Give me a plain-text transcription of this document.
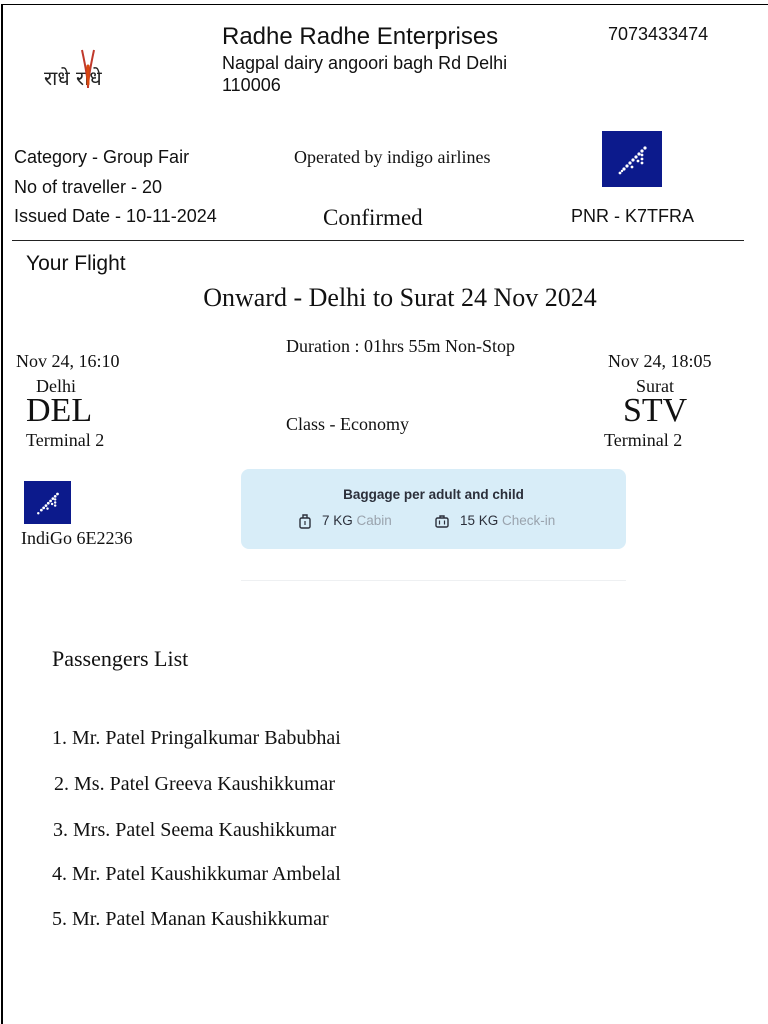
राधे राधे
Radhe Radhe Enterprises
Nagpal dairy angoori bagh Rd Delhi
110006
7073433474
Category - Group Fair
No of traveller - 20
Issued Date - 10-11-2024
Operated by indigo airlines
Confirmed	PNR - K7TFRA
Your Flight
Onward - Delhi to Surat 24 Nov 2024
Duration : 01hrs 55m Non-Stop
Class - Economy
Nov 24, 16:10
Delhi
DEL
Terminal 2
Nov 24, 18:05
Surat
STV
Terminal 2
IndiGo 6E2236
Baggage per adult and child
7 KG Cabin	15 KG Check-in
Passengers List
1. Mr. Patel Pringalkumar Babubhai
2. Ms. Patel Greeva Kaushikkumar
3. Mrs. Patel Seema Kaushikkumar
4. Mr. Patel Kaushikkumar Ambelal
5. Mr. Patel Manan Kaushikkumar
